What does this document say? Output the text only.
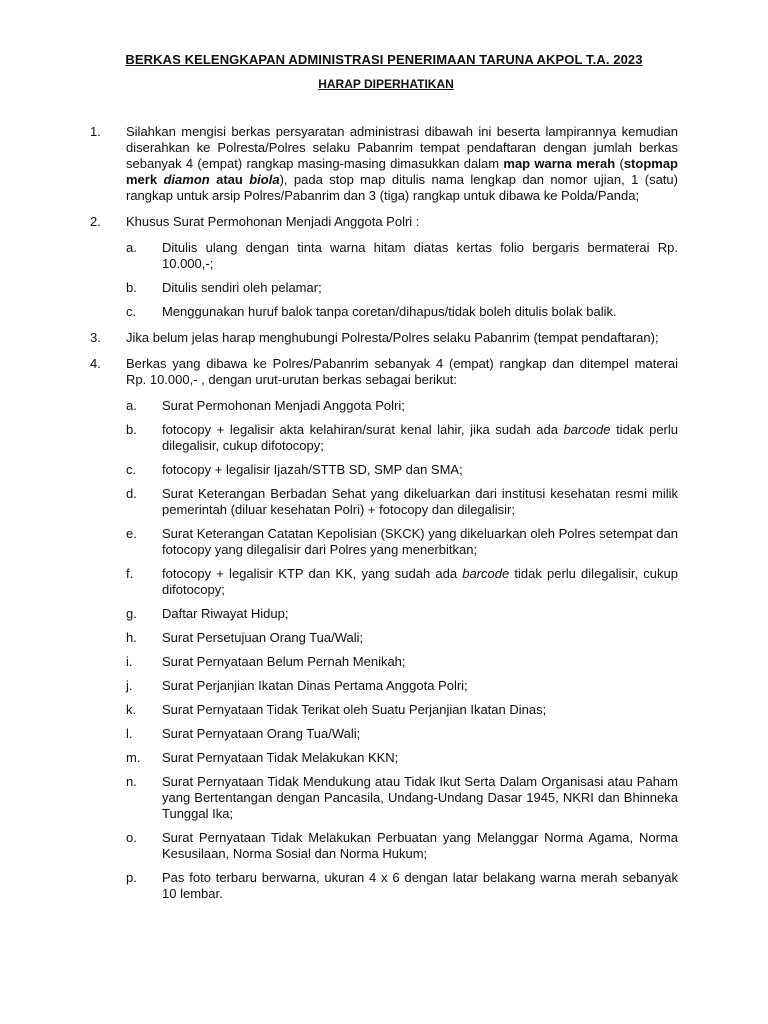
BERKAS KELENGKAPAN ADMINISTRASI PENERIMAAN TARUNA AKPOL T.A. 2023
HARAP DIPERHATIKAN
1. Silahkan mengisi berkas persyaratan administrasi dibawah ini beserta lampirannya kemudian diserahkan ke Polresta/Polres selaku Pabanrim tempat pendaftaran dengan jumlah berkas sebanyak 4 (empat) rangkap masing-masing dimasukkan dalam map warna merah (stopmap merk diamon atau biola), pada stop map ditulis nama lengkap dan nomor ujian, 1 (satu) rangkap untuk arsip Polres/Pabanrim dan 3 (tiga) rangkap untuk dibawa ke Polda/Panda;
2. Khusus Surat Permohonan Menjadi Anggota Polri :
a. Ditulis ulang dengan tinta warna hitam diatas kertas folio bergaris bermaterai Rp. 10.000,-;
b. Ditulis sendiri oleh pelamar;
c. Menggunakan huruf balok tanpa coretan/dihapus/tidak boleh ditulis bolak balik.
3. Jika belum jelas harap menghubungi Polresta/Polres selaku Pabanrim (tempat pendaftaran);
4. Berkas yang dibawa ke Polres/Pabanrim sebanyak 4 (empat) rangkap dan ditempel materai Rp. 10.000,- , dengan urut-urutan berkas sebagai berikut:
a. Surat Permohonan Menjadi Anggota Polri;
b. fotocopy + legalisir akta kelahiran/surat kenal lahir, jika sudah ada barcode tidak perlu dilegalisir, cukup difotocopy;
c. fotocopy + legalisir Ijazah/STTB SD, SMP dan SMA;
d. Surat Keterangan Berbadan Sehat yang dikeluarkan dari institusi kesehatan resmi milik pemerintah (diluar kesehatan Polri) + fotocopy dan dilegalisir;
e. Surat Keterangan Catatan Kepolisian (SKCK) yang dikeluarkan oleh Polres setempat dan fotocopy yang dilegalisir dari Polres yang menerbitkan;
f. fotocopy + legalisir KTP dan KK, yang sudah ada barcode tidak perlu dilegalisir, cukup difotocopy;
g. Daftar Riwayat Hidup;
h. Surat Persetujuan Orang Tua/Wali;
i. Surat Pernyataan Belum Pernah Menikah;
j. Surat Perjanjian Ikatan Dinas Pertama Anggota Polri;
k. Surat Pernyataan Tidak Terikat oleh Suatu Perjanjian Ikatan Dinas;
l. Surat Pernyataan Orang Tua/Wali;
m. Surat Pernyataan Tidak Melakukan KKN;
n. Surat Pernyataan Tidak Mendukung atau Tidak Ikut Serta Dalam Organisasi atau Paham yang Bertentangan dengan Pancasila, Undang-Undang Dasar 1945, NKRI dan Bhinneka Tunggal Ika;
o. Surat Pernyataan Tidak Melakukan Perbuatan yang Melanggar Norma Agama, Norma Kesusilaan, Norma Sosial dan Norma Hukum;
p. Pas foto terbaru berwarna, ukuran 4 x 6 dengan latar belakang warna merah sebanyak 10 lembar.
